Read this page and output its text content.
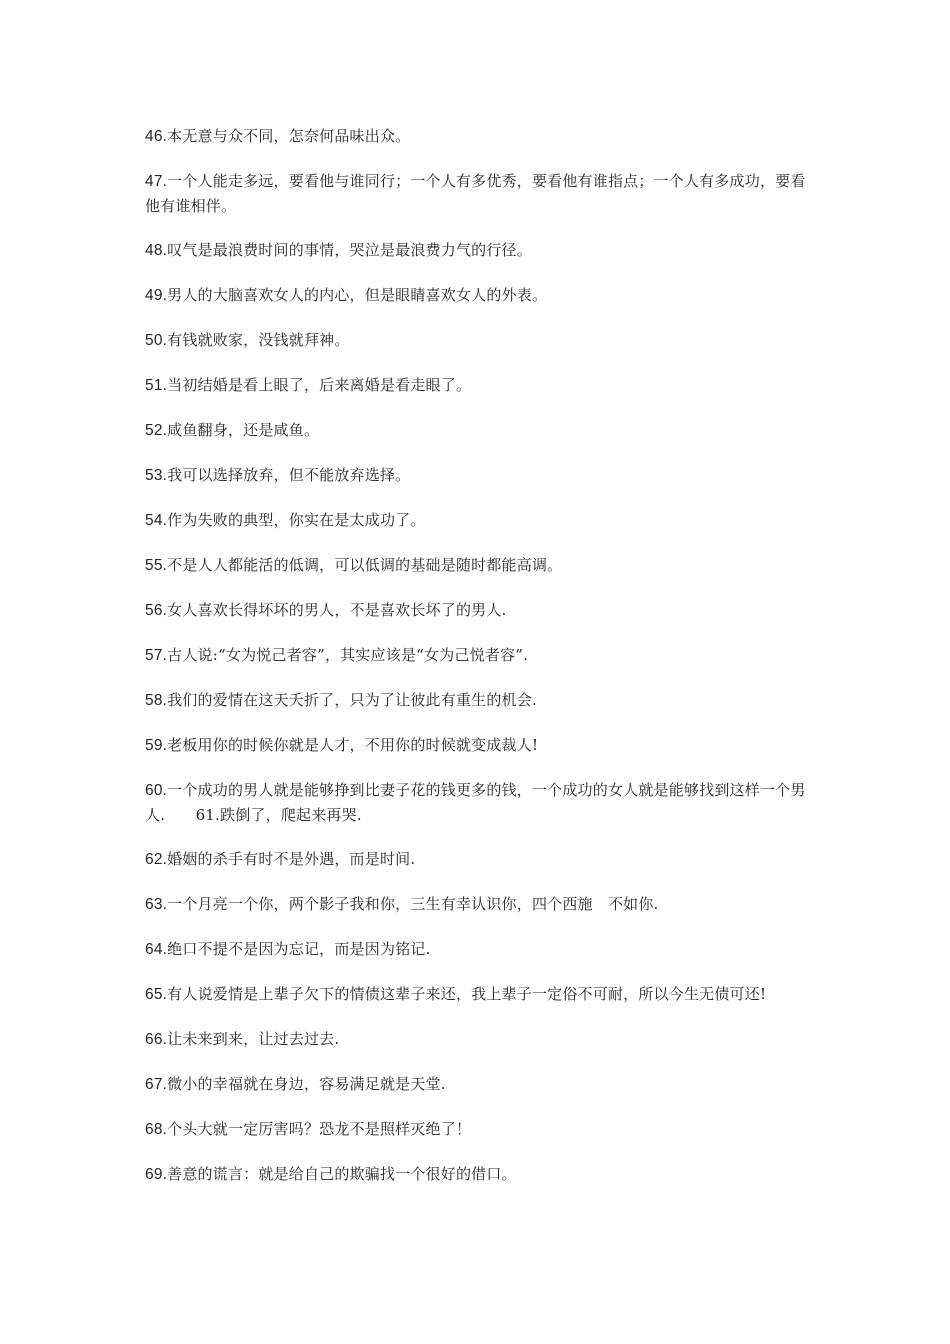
46.本无意与众不同，怎奈何品味出众。

47.一个人能走多远，要看他与谁同行；一个人有多优秀，要看他有谁指点；一个人有多成功，要看他有谁相伴。

48.叹气是最浪费时间的事情，哭泣是最浪费力气的行径。

49.男人的大脑喜欢女人的内心，但是眼睛喜欢女人的外表。

50.有钱就败家，没钱就拜神。

51.当初结婚是看上眼了，后来离婚是看走眼了。

52.咸鱼翻身，还是咸鱼。

53.我可以选择放弃，但不能放弃选择。

54.作为失败的典型，你实在是太成功了。

55.不是人人都能活的低调，可以低调的基础是随时都能高调。

56.女人喜欢长得坏坏的男人，不是喜欢长坏了的男人.

57.古人说:“女为悦己者容”，其实应该是“女为己悦者容”.

58.我们的爱情在这天夭折了，只为了让彼此有重生的机会.

59.老板用你的时候你就是人才，不用你的时候就变成裁人!

60.一个成功的男人就是能够挣到比妻子花的钱更多的钱，一个成功的女人就是能够找到这样一个男人.　　61.跌倒了，爬起来再哭.

62.婚姻的杀手有时不是外遇，而是时间.

63.一个月亮一个你，两个影子我和你，三生有幸认识你，四个西施　不如你.

64.绝口不提不是因为忘记，而是因为铭记.

65.有人说爱情是上辈子欠下的情债这辈子来还，我上辈子一定俗不可耐，所以今生无债可还!

66.让未来到来，让过去过去.

67.微小的幸福就在身边，容易满足就是天堂.

68.个头大就一定厉害吗？恐龙不是照样灭绝了！

69.善意的谎言：就是给自己的欺骗找一个很好的借口。
